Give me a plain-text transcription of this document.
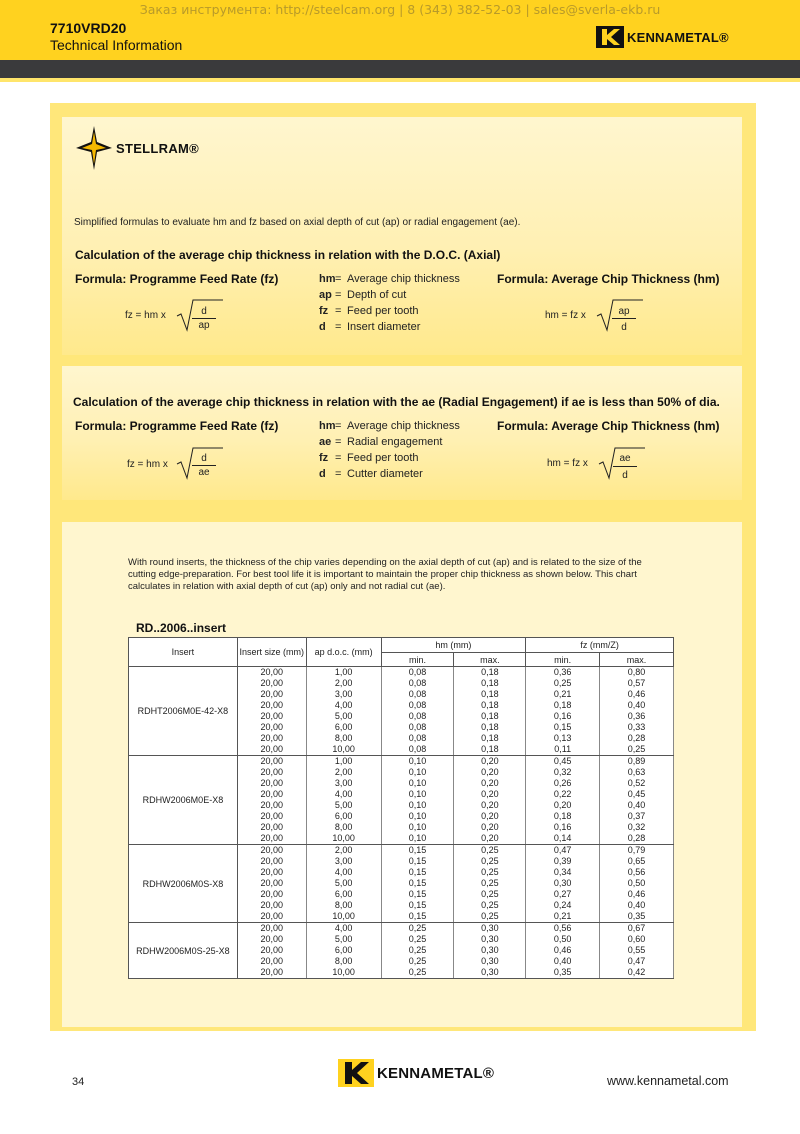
Заказ инструмента: http://steelcam.org | 8 (343) 382-52-03 | sales@sverla-ekb.ru
7710VRD20
Technical Information	KENNAMETAL®
STELLRAM®
Simplified formulas to evaluate hm and fz based on axial depth of cut (ap) or radial engagement (ae).
Calculation of the average chip thickness in relation with the D.O.C. (Axial)
Formula: Programme Feed Rate (fz)	Formula: Average Chip Thickness (hm)
hm= Average chip thickness
ap = Depth of cut
fz = Feed per tooth
d = Insert diameter
fz = hm x	d
ap
hm = fz x	ap
d
Calculation of the average chip thickness in relation with the ae (Radial Engagement) if ae is less than 50% of dia.
Formula: Programme Feed Rate (fz)	Formula: Average Chip Thickness (hm)
hm= Average chip thickness
ae = Radial engagement
fz = Feed per tooth
d = Cutter diameter
fz = hm x
d
ae
hm = fz x	ae
d
With round inserts, the thickness of the chip varies depending on the axial depth of cut (ap) and is related to the size of the cutting edge-preparation. For best tool life it is important to maintain the proper chip thickness as shown below. This chart calculates in relation with axial depth of cut (ap) only and not radial cut (ae).
RD..2006..insert
Insert	Insert size (mm)	ap d.o.c. (mm)	hm (mm)		fz (mm/Z)	
			min.	max.	min.	max.
RDHT2006M0E-42-X8	20,00	1,00	0,08	0,18	0,36	0,80
	20,00	2,00	0,08	0,18	0,25	0,57
	20,00	3,00	0,08	0,18	0,21	0,46
	20,00	4,00	0,08	0,18	0,18	0,40
	20,00	5,00	0,08	0,18	0,16	0,36
	20,00	6,00	0,08	0,18	0,15	0,33
	20,00	8,00	0,08	0,18	0,13	0,28
	20,00	10,00	0,08	0,18	0,11	0,25
RDHW2006M0E-X8	20,00	1,00	0,10	0,20	0,45	0,89
	20,00	2,00	0,10	0,20	0,32	0,63
	20,00	3,00	0,10	0,20	0,26	0,52
	20,00	4,00	0,10	0,20	0,22	0,45
	20,00	5,00	0,10	0,20	0,20	0,40
	20,00	6,00	0,10	0,20	0,18	0,37
	20,00	8,00	0,10	0,20	0,16	0,32
	20,00	10,00	0,10	0,20	0,14	0,28
RDHW2006M0S-X8	20,00	2,00	0,15	0,25	0,47	0,79
	20,00	3,00	0,15	0,25	0,39	0,65
	20,00	4,00	0,15	0,25	0,34	0,56
	20,00	5,00	0,15	0,25	0,30	0,50
	20,00	6,00	0,15	0,25	0,27	0,46
	20,00	8,00	0,15	0,25	0,24	0,40
	20,00	10,00	0,15	0,25	0,21	0,35
RDHW2006M0S-25-X8	20,00	4,00	0,25	0,30	0,56	0,67
	20,00	5,00	0,25	0,30	0,50	0,60
	20,00	6,00	0,25	0,30	0,46	0,55
	20,00	8,00	0,25	0,30	0,40	0,47
	20,00	10,00	0,25	0,30	0,35	0,42
34
KENNAMETAL®	www.kennametal.com
